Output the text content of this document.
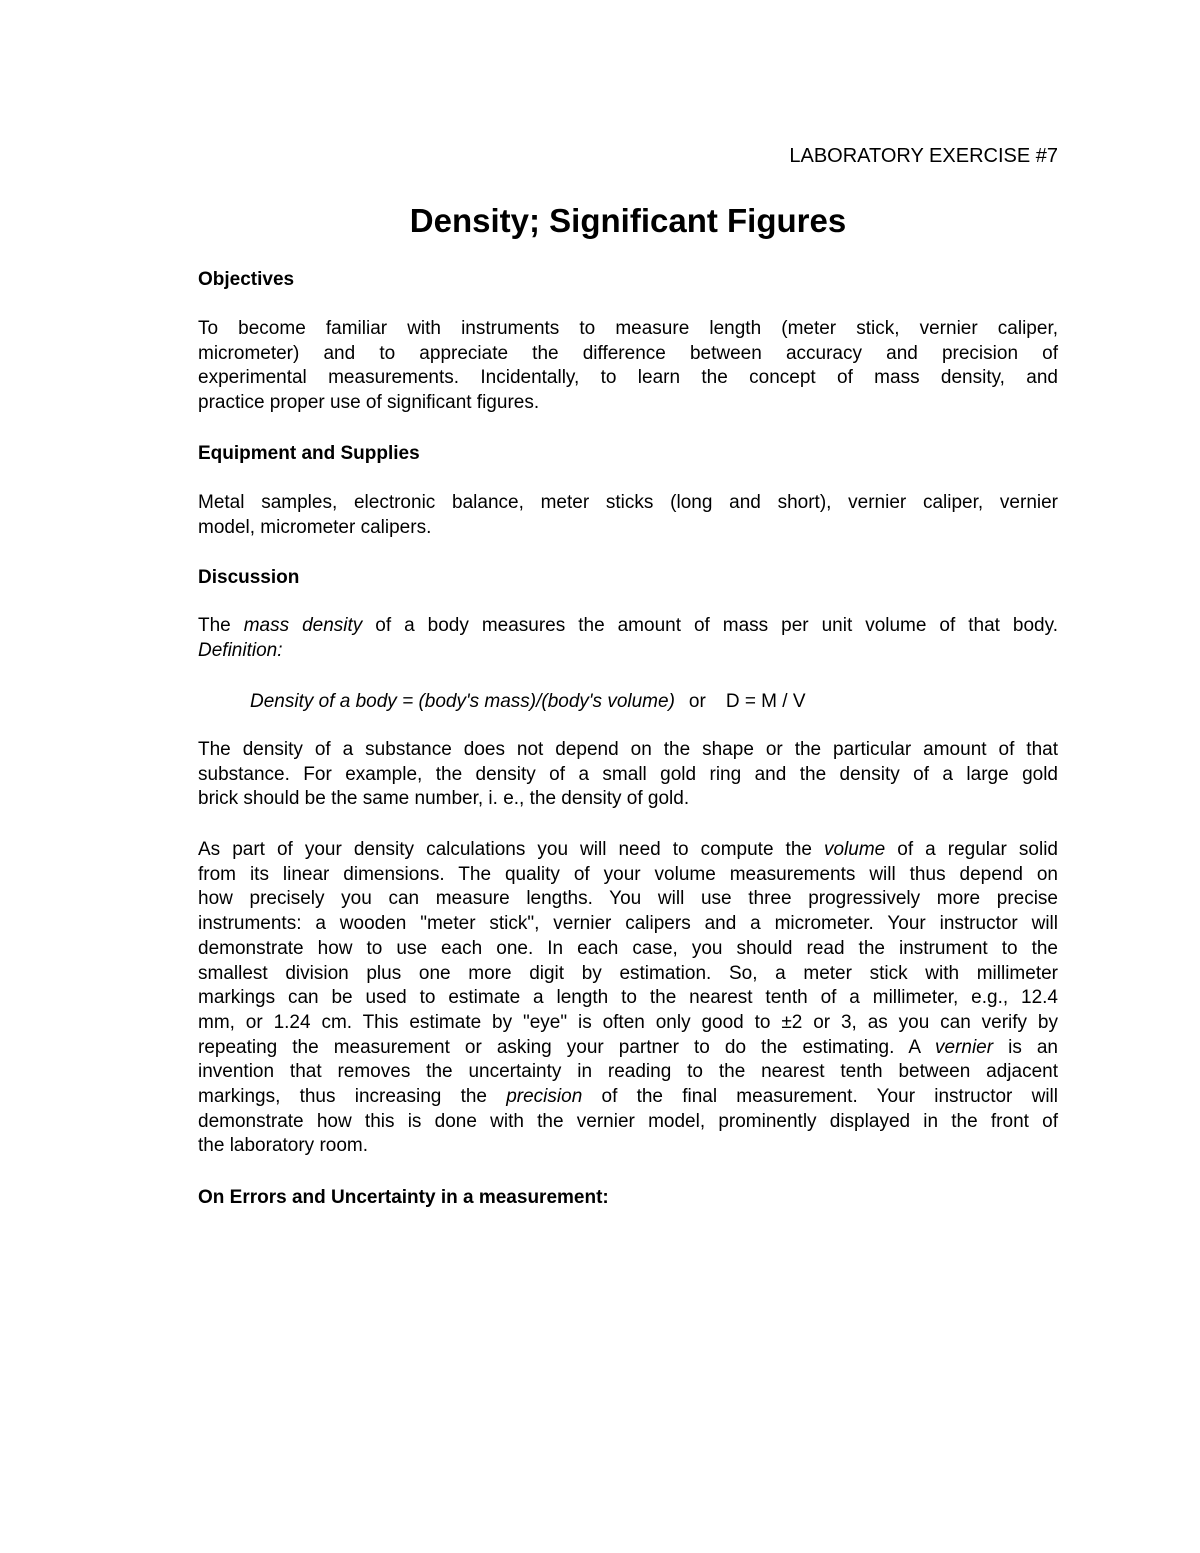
LABORATORY EXERCISE #7
Density; Significant Figures
Objectives
To become familiar with instruments to measure length (meter stick, vernier caliper,
micrometer) and to appreciate the difference between accuracy and precision of
experimental measurements. Incidentally, to learn the concept of mass density, and
practice proper use of significant figures.
Equipment and Supplies
Metal samples, electronic balance, meter sticks (long and short), vernier caliper, vernier
model, micrometer calipers.
Discussion
The mass density of a body measures the amount of mass per unit volume of that body.
Definition:
Density of a body = (body's mass)/(body's volume) or D = M / V
The density of a substance does not depend on the shape or the particular amount of that
substance. For example, the density of a small gold ring and the density of a large gold
brick should be the same number, i. e., the density of gold.
As part of your density calculations you will need to compute the volume of a regular solid
from its linear dimensions. The quality of your volume measurements will thus depend on
how precisely you can measure lengths. You will use three progressively more precise
instruments: a wooden "meter stick", vernier calipers and a micrometer. Your instructor will
demonstrate how to use each one. In each case, you should read the instrument to the
smallest division plus one more digit by estimation. So, a meter stick with millimeter
markings can be used to estimate a length to the nearest tenth of a millimeter, e.g., 12.4
mm, or 1.24 cm. This estimate by "eye" is often only good to ±2 or 3, as you can verify by
repeating the measurement or asking your partner to do the estimating. A vernier is an
invention that removes the uncertainty in reading to the nearest tenth between adjacent
markings, thus increasing the precision of the final measurement. Your instructor will
demonstrate how this is done with the vernier model, prominently displayed in the front of
the laboratory room.
On Errors and Uncertainty in a measurement:
